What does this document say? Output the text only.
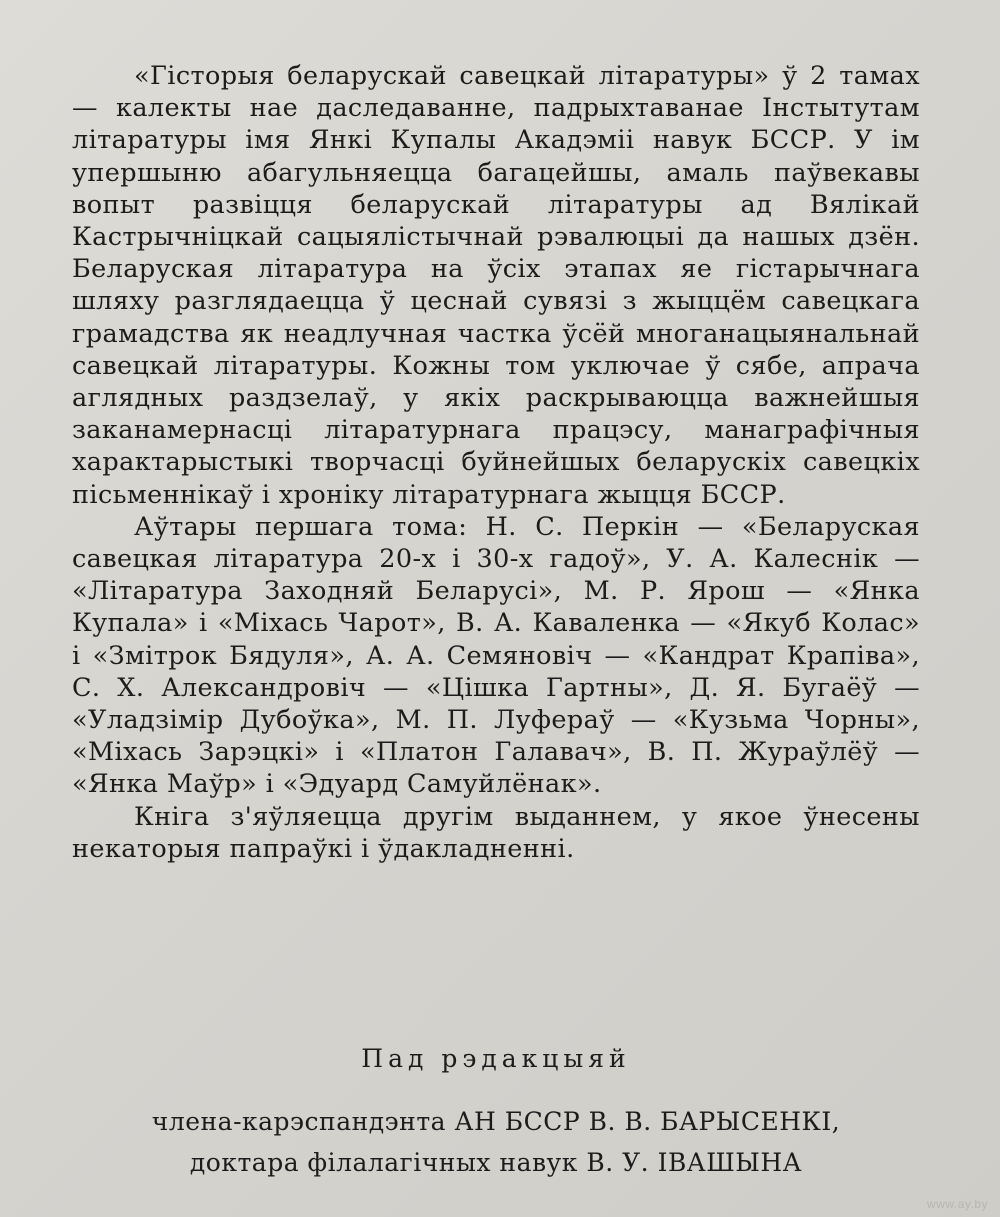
«Гісторыя беларускай савецкай літаратуры» ў 2 тамах — калекты нае даследаванне, падрыхтаванае Інстытутам літаратуры імя Янкі Купалы Акадэміі навук БССР. У ім упершыню абагульняецца багацейшы, амаль паўвекавы вопыт развіцця беларускай літаратуры ад Вялікай Кастрычніцкай сацыялістычнай рэвалюцыі да нашых дзён. Беларуская літаратура на ўсіх этапах яе гістарычнага шляху разглядаецца ў цеснай сувязі з жыццём савецкага грамадства як неадлучная частка ўсёй многанацыянальнай савецкай літаратуры. Кожны том уключае ў сябе, апрача аглядных раздзелаў, у якіх раскрываюцца важнейшыя заканамернасці літаратурнага працэсу, манаграфічныя характарыстыкі творчасці буйнейшых беларускіх савецкіх пісьменнікаў і хроніку літаратурнага жыцця БССР.

Аўтары першага тома: Н. С. Перкін — «Беларуская савецкая літаратура 20-х і 30-х гадоў», У. А. Калеснік — «Літаратура Заходняй Беларусі», М. Р. Ярош — «Янка Купала» і «Міхась Чарот», В. А. Каваленка — «Якуб Колас» і «Змітрок Бядуля», А. А. Семяновіч — «Кандрат Крапіва», С. Х. Александровіч — «Цішка Гартны», Д. Я. Бугаёў — «Уладзімір Дубоўка», М. П. Луфераў — «Кузьма Чорны», «Міхась Зарэцкі» і «Платон Галавач», В. П. Жураўлёў — «Янка Маўр» і «Эдуард Самуйлёнак».

Кніга з'яўляецца другім выданнем, у якое ўнесены некаторыя папраўкі і ўдакладненні.

Пад рэдакцыяй
члена-карэспандэнта АН БССР В. В. БАРЫСЕНКІ,
доктара філалагічных навук В. У. ІВАШЫНА
www.ay.by
